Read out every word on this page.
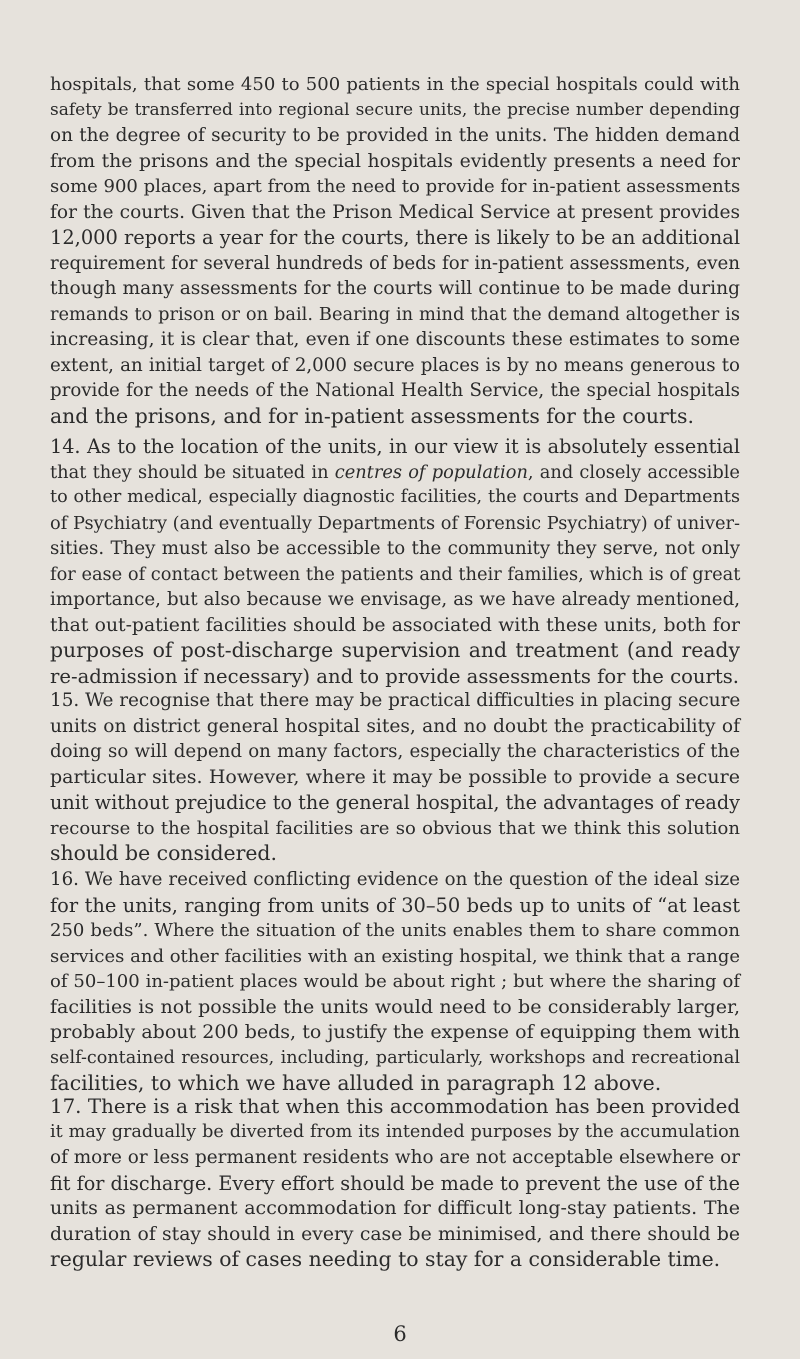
hospitals, that some 450 to 500 patients in the special hospitals could with
safety be transferred into regional secure units, the precise number depending
on the degree of security to be provided in the units. The hidden demand
from the prisons and the special hospitals evidently presents a need for
some 900 places, apart from the need to provide for in-patient assessments
for the courts. Given that the Prison Medical Service at present provides
12,000 reports a year for the courts, there is likely to be an additional
requirement for several hundreds of beds for in-patient assessments, even
though many assessments for the courts will continue to be made during
remands to prison or on bail. Bearing in mind that the demand altogether is
increasing, it is clear that, even if one discounts these estimates to some
extent, an initial target of 2,000 secure places is by no means generous to
provide for the needs of the National Health Service, the special hospitals
and the prisons, and for in-patient assessments for the courts.

14. As to the location of the units, in our view it is absolutely essential
that they should be situated in centres of population, and closely accessible
to other medical, especially diagnostic facilities, the courts and Departments
of Psychiatry (and eventually Departments of Forensic Psychiatry) of univer-
sities. They must also be accessible to the community they serve, not only
for ease of contact between the patients and their families, which is of great
importance, but also because we envisage, as we have already mentioned,
that out-patient facilities should be associated with these units, both for
purposes of post-discharge supervision and treatment (and ready
re-admission if necessary) and to provide assessments for the courts.

15. We recognise that there may be practical difficulties in placing secure
units on district general hospital sites, and no doubt the practicability of
doing so will depend on many factors, especially the characteristics of the
particular sites. However, where it may be possible to provide a secure
unit without prejudice to the general hospital, the advantages of ready
recourse to the hospital facilities are so obvious that we think this solution
should be considered.

16. We have received conflicting evidence on the question of the ideal size
for the units, ranging from units of 30–50 beds up to units of “at least
250 beds”. Where the situation of the units enables them to share common
services and other facilities with an existing hospital, we think that a range
of 50–100 in-patient places would be about right ; but where the sharing of
facilities is not possible the units would need to be considerably larger,
probably about 200 beds, to justify the expense of equipping them with
self-contained resources, including, particularly, workshops and recreational
facilities, to which we have alluded in paragraph 12 above.

17. There is a risk that when this accommodation has been provided
it may gradually be diverted from its intended purposes by the accumulation
of more or less permanent residents who are not acceptable elsewhere or
fit for discharge. Every effort should be made to prevent the use of the
units as permanent accommodation for difficult long-stay patients. The
duration of stay should in every case be minimised, and there should be
regular reviews of cases needing to stay for a considerable time.

6
